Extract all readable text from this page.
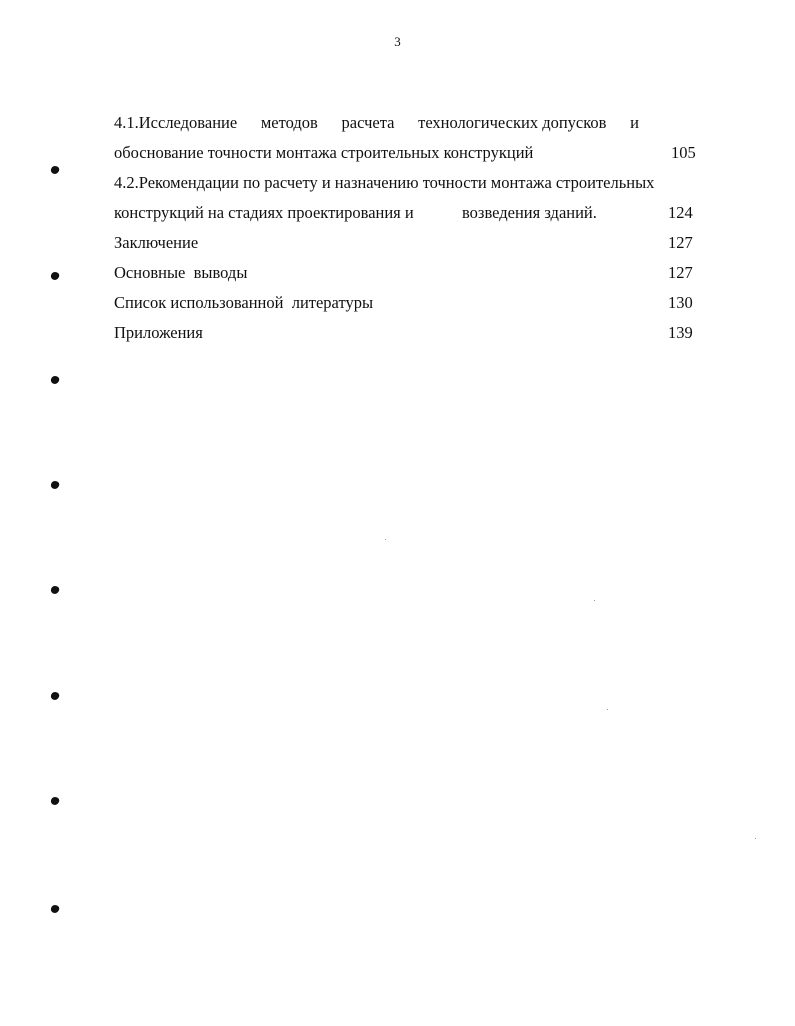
3
4.1.Исследование методов расчета технологических допусков и
обоснование точности монтажа строительных конструкций	105
4.2.Рекомендации по расчету и назначению точности монтажа строительных
конструкций на стадиях проектирования и	возведения зданий.	124
Заключение	127
Основные  выводы	127
Список использованной  литературы	130
Приложения	139
